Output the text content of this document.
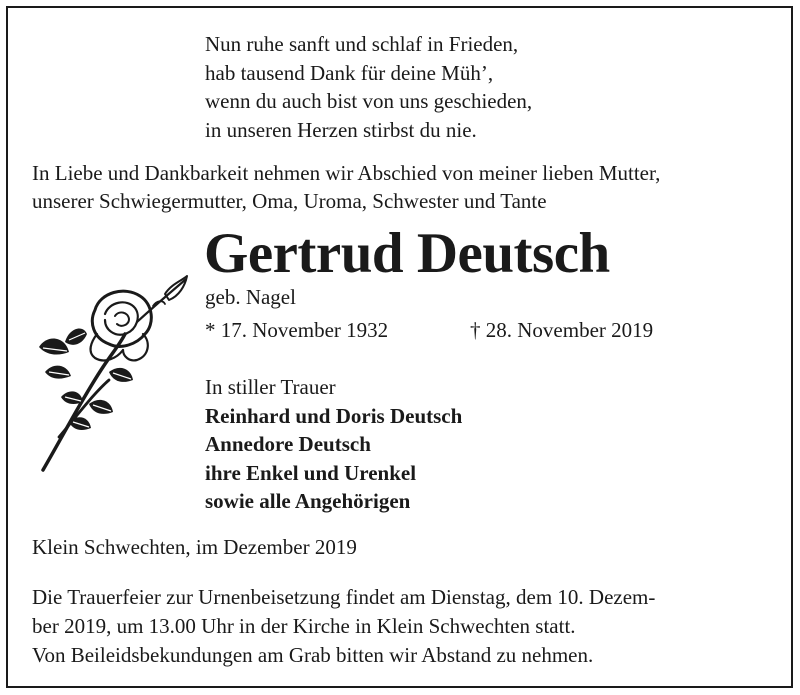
Nun ruhe sanft und schlaf in Frieden,
hab tausend Dank für deine Müh’,
wenn du auch bist von uns geschieden,
in unseren Herzen stirbst du nie.
In Liebe und Dankbarkeit nehmen wir Abschied von meiner lieben Mutter,
unserer Schwiegermutter, Oma, Uroma, Schwester und Tante
Gertrud Deutsch
geb. Nagel
* 17. November 1932	† 28. November 2019
In stiller Trauer
Reinhard und Doris Deutsch
Annedore Deutsch
ihre Enkel und Urenkel
sowie alle Angehörigen
Klein Schwechten, im Dezember 2019
Die Trauerfeier zur Urnenbeisetzung findet am Dienstag, dem 10. Dezem-
ber 2019, um 13.00 Uhr in der Kirche in Klein Schwechten statt.
Von Beileidsbekundungen am Grab bitten wir Abstand zu nehmen.
